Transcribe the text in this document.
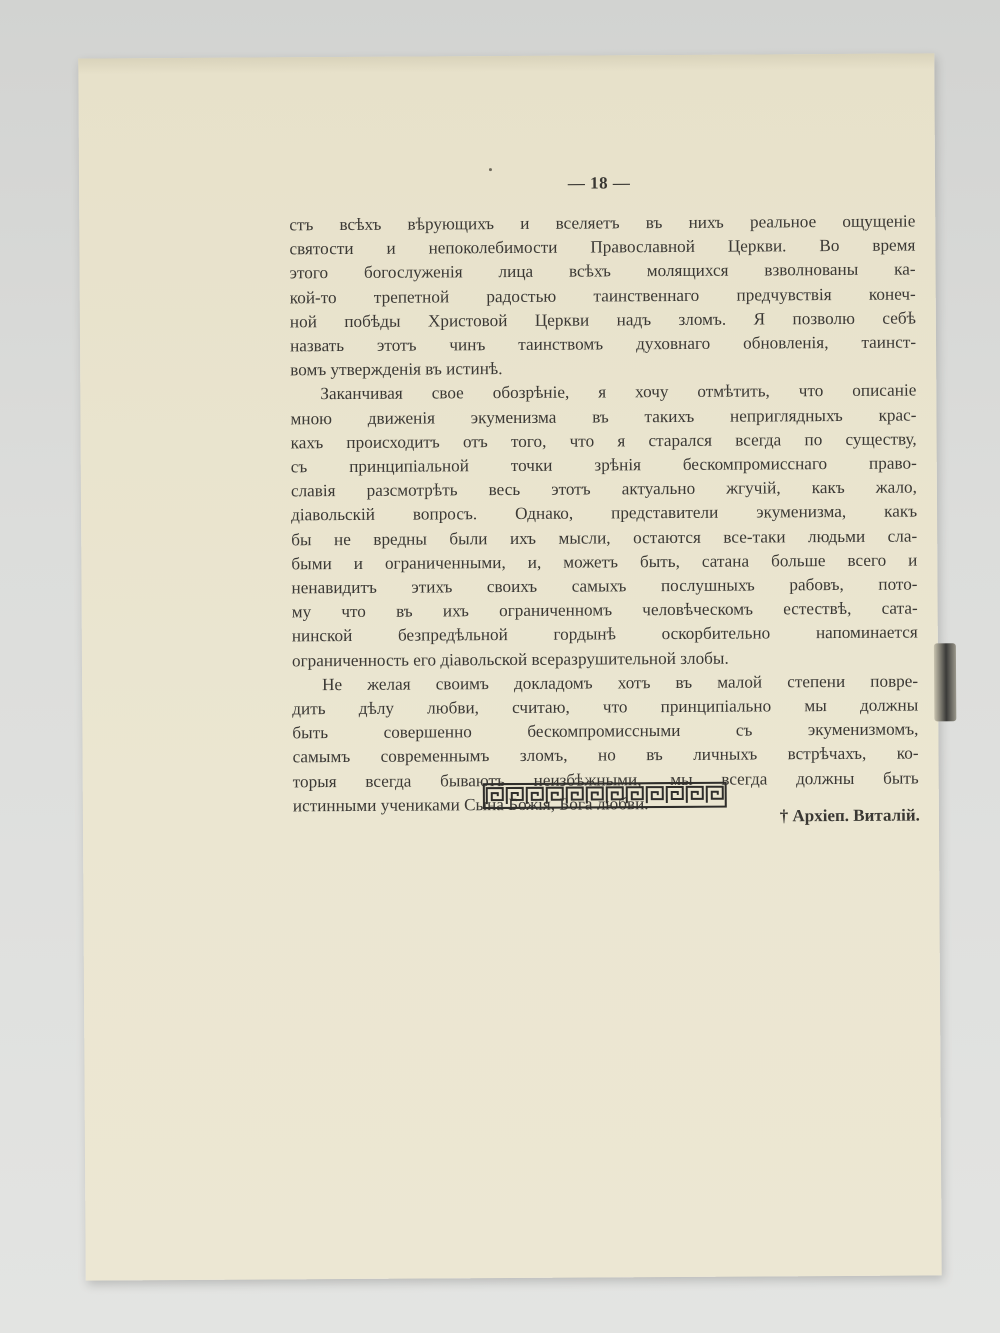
— 18 —
стъ всѣхъ вѣрующихъ и вселяетъ въ нихъ реальное ощущеніе
святости и непоколебимости Православной Церкви. Во время
этого богослуженія лица всѣхъ молящихся взволнованы ка-
кой-то трепетной радостью таинственнаго предчувствія конеч-
ной побѣды Христовой Церкви надъ зломъ. Я позволю себѣ
назвать этотъ чинъ таинствомъ духовнаго обновленія, таинст-
вомъ утвержденія въ истинѣ.
Заканчивая свое обозрѣніе, я хочу отмѣтить, что описаніе
мною движенія экуменизма въ такихъ неприглядныхъ крас-
кахъ происходитъ отъ того, что я старался всегда по существу,
съ принципіальной точки зрѣнія бескомпромисснаго право-
славія разсмотрѣть весь этотъ актуально жгучій, какъ жало,
діавольскій вопросъ. Однако, представители экуменизма, какъ
бы не вредны были ихъ мысли, остаются все-таки людьми сла-
быми и ограниченными, и, можетъ быть, сатана больше всего и
ненавидитъ этихъ своихъ самыхъ послушныхъ рабовъ, пото-
му что въ ихъ ограниченномъ человѣческомъ естествѣ, сата-
нинской безпредѣльной гордынѣ оскорбительно напоминается
ограниченность его діавольской всеразрушительной злобы.
Не желая своимъ докладомъ хотъ въ малой степени повре-
дить дѣлу любви, считаю, что принципіально мы должны
быть совершенно бескомпромиссными съ экуменизмомъ,
самымъ современнымъ зломъ, но въ личныхъ встрѣчахъ, ко-
торыя всегда бываютъ неизбѣжными, мы всегда должны быть
истинными учениками Сына Божія, Бога любви.
† Архіеп. Виталій.
